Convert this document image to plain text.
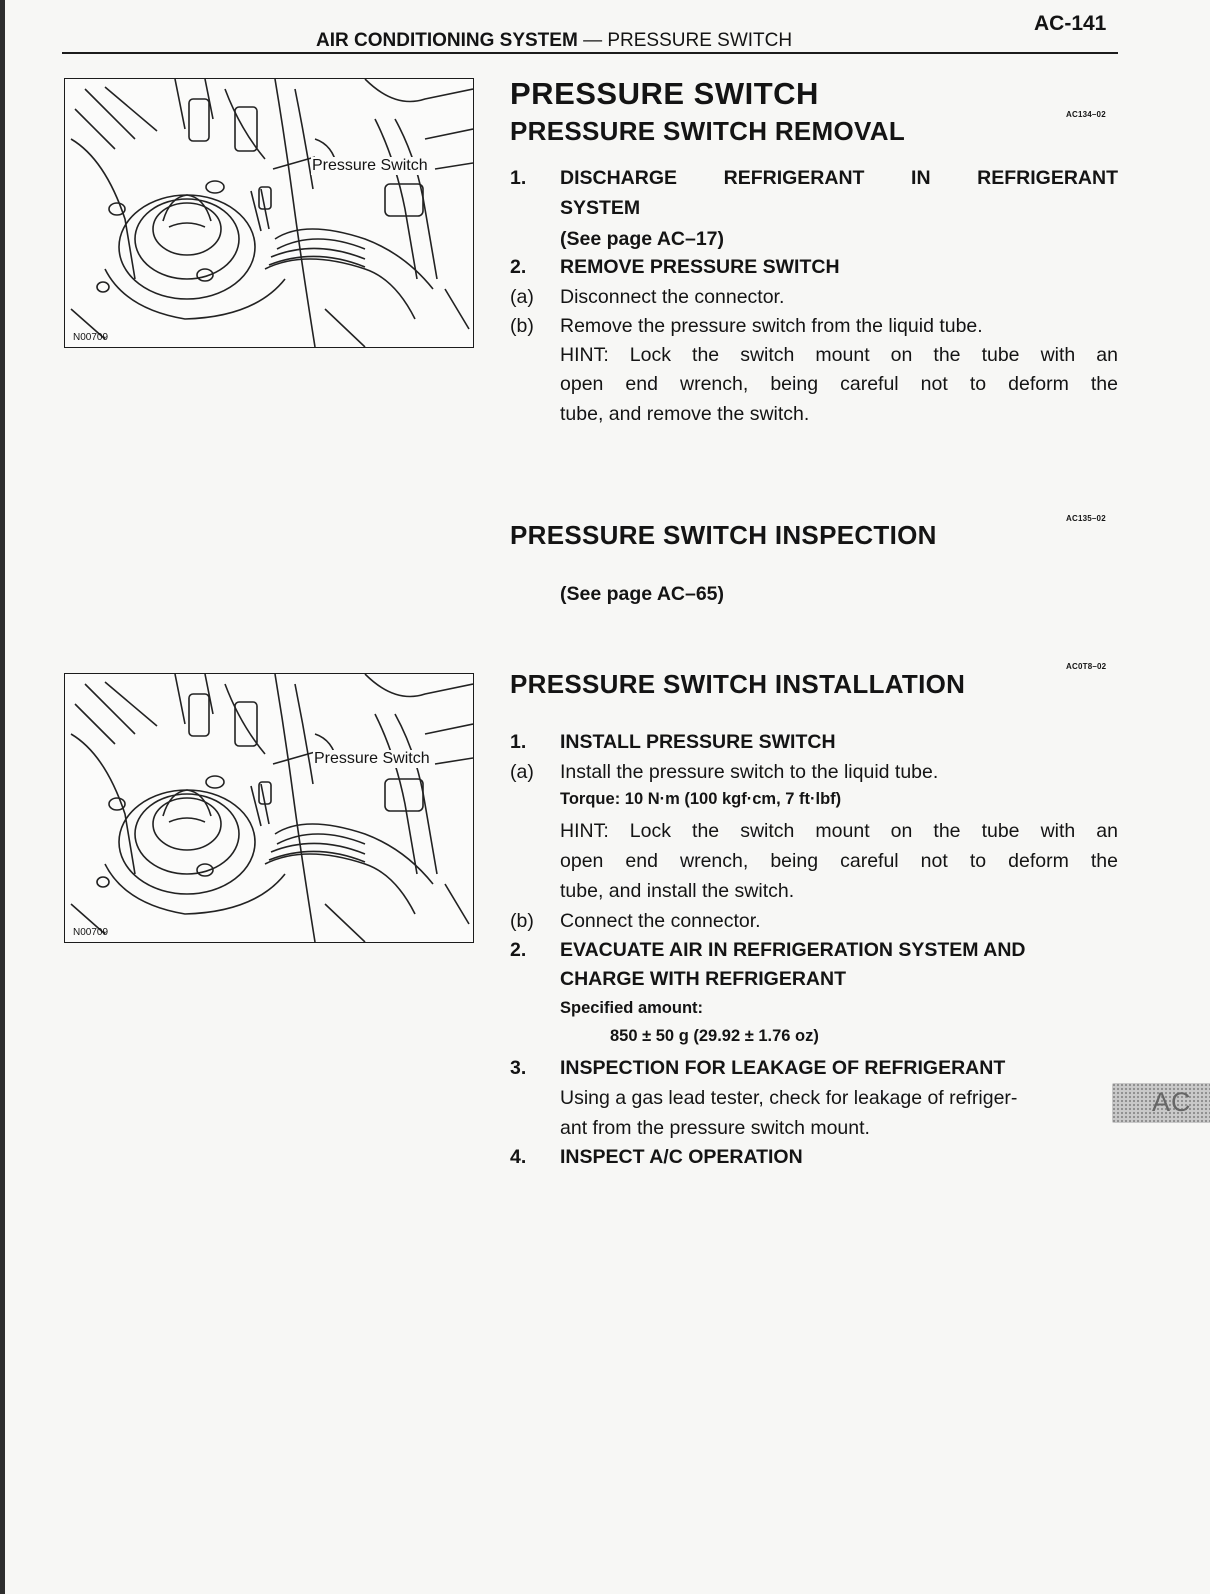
AC-141
AIR CONDITIONING SYSTEM — PRESSURE SWITCH
Pressure Switch
N00709
PRESSURE SWITCH
AC134–02
PRESSURE SWITCH REMOVAL
1.	DISCHARGE REFRIGERANT IN REFRIGERANT
SYSTEM
(See page AC–17)
2.	REMOVE PRESSURE SWITCH
(a)	Disconnect the connector.
(b)	Remove the pressure switch from the liquid tube.
HINT: Lock the switch mount on the tube with an
open end wrench, being careful not to deform the
tube, and remove the switch.
AC135–02
PRESSURE SWITCH INSPECTION
(See page AC–65)
Pressure Switch
N00709
AC0T8–02
PRESSURE SWITCH INSTALLATION
1.	INSTALL PRESSURE SWITCH
(a)	Install the pressure switch to the liquid tube.
Torque: 10 N·m (100 kgf·cm, 7 ft·lbf)
HINT: Lock the switch mount on the tube with an
open end wrench, being careful not to deform the
tube, and install the switch.
(b)	Connect the connector.
2.	EVACUATE AIR IN REFRIGERATION SYSTEM AND
CHARGE WITH REFRIGERANT
Specified amount:
850 ± 50 g (29.92 ± 1.76 oz)
3.	INSPECTION FOR LEAKAGE OF REFRIGERANT
Using a gas lead tester, check for leakage of refriger-
ant from the pressure switch mount.
4.	INSPECT A/C OPERATION
AC
